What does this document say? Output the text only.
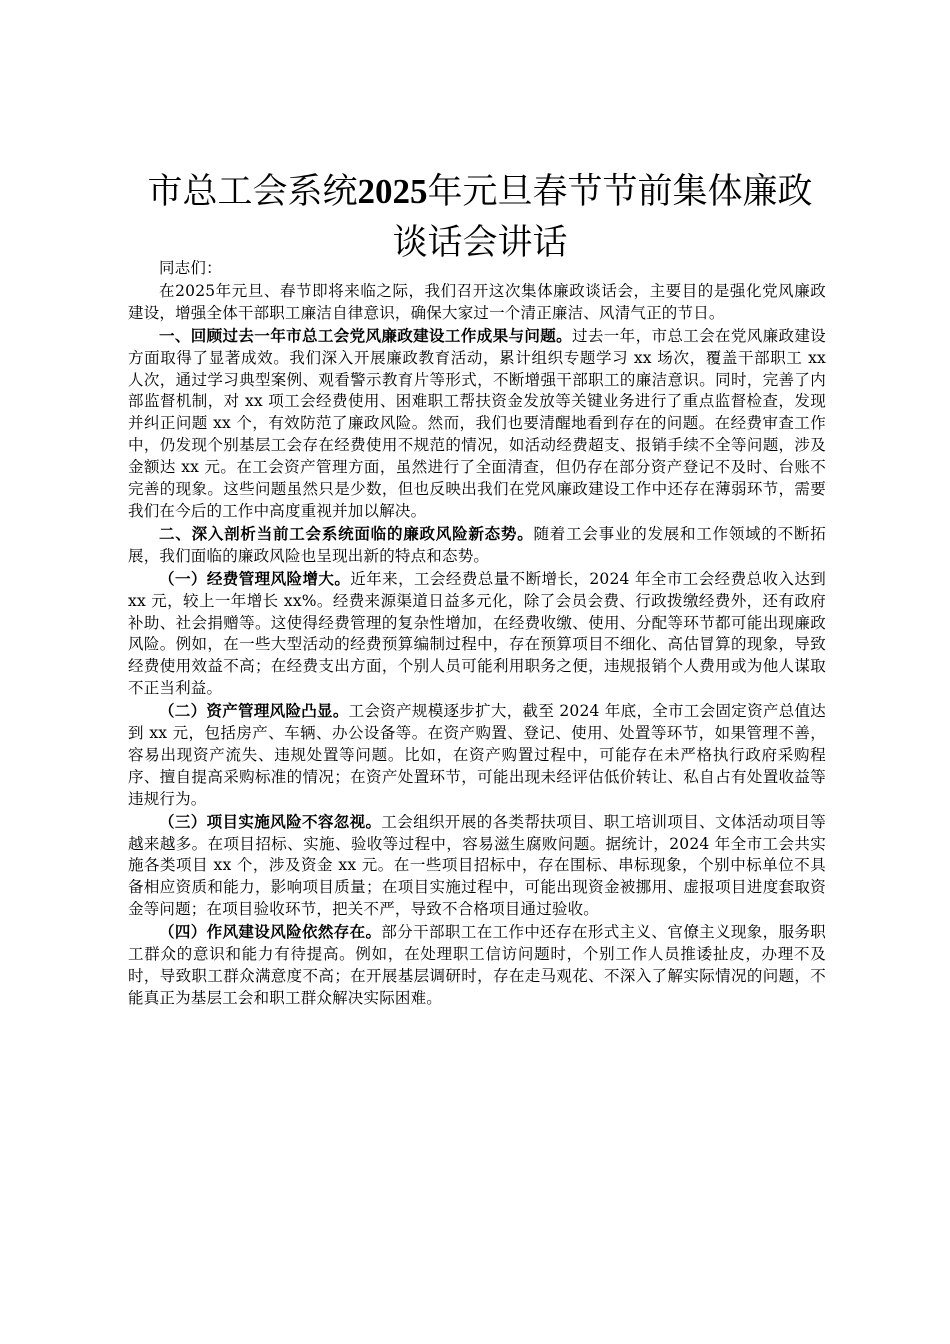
市总工会系统2025年元旦春节节前集体廉政
谈话会讲话

同志们：

在2025年元旦、春节即将来临之际，我们召开这次集体廉政谈话会，主要目的是强化党风廉政建设，增强全体干部职工廉洁自律意识，确保大家过一个清正廉洁、风清气正的节日。

一、回顾过去一年市总工会党风廉政建设工作成果与问题。过去一年，市总工会在党风廉政建设方面取得了显著成效。我们深入开展廉政教育活动，累计组织专题学习 xx 场次，覆盖干部职工 xx 人次，通过学习典型案例、观看警示教育片等形式，不断增强干部职工的廉洁意识。同时，完善了内部监督机制，对 xx 项工会经费使用、困难职工帮扶资金发放等关键业务进行了重点监督检查，发现并纠正问题 xx 个，有效防范了廉政风险。然而，我们也要清醒地看到存在的问题。在经费审查工作中，仍发现个别基层工会存在经费使用不规范的情况，如活动经费超支、报销手续不全等问题，涉及金额达 xx 元。在工会资产管理方面，虽然进行了全面清查，但仍存在部分资产登记不及时、台账不完善的现象。这些问题虽然只是少数，但也反映出我们在党风廉政建设工作中还存在薄弱环节，需要我们在今后的工作中高度重视并加以解决。

二、深入剖析当前工会系统面临的廉政风险新态势。随着工会事业的发展和工作领域的不断拓展，我们面临的廉政风险也呈现出新的特点和态势。

（一）经费管理风险增大。近年来，工会经费总量不断增长，2024 年全市工会经费总收入达到 xx 元，较上一年增长 xx%。经费来源渠道日益多元化，除了会员会费、行政拨缴经费外，还有政府补助、社会捐赠等。这使得经费管理的复杂性增加，在经费收缴、使用、分配等环节都可能出现廉政风险。例如，在一些大型活动的经费预算编制过程中，存在预算项目不细化、高估冒算的现象，导致经费使用效益不高；在经费支出方面，个别人员可能利用职务之便，违规报销个人费用或为他人谋取不正当利益。

（二）资产管理风险凸显。工会资产规模逐步扩大，截至 2024 年底，全市工会固定资产总值达到 xx 元，包括房产、车辆、办公设备等。在资产购置、登记、使用、处置等环节，如果管理不善，容易出现资产流失、违规处置等问题。比如，在资产购置过程中，可能存在未严格执行政府采购程序、擅自提高采购标准的情况；在资产处置环节，可能出现未经评估低价转让、私自占有处置收益等违规行为。

（三）项目实施风险不容忽视。工会组织开展的各类帮扶项目、职工培训项目、文体活动项目等越来越多。在项目招标、实施、验收等过程中，容易滋生腐败问题。据统计，2024 年全市工会共实施各类项目 xx 个，涉及资金 xx 元。在一些项目招标中，存在围标、串标现象，个别中标单位不具备相应资质和能力，影响项目质量；在项目实施过程中，可能出现资金被挪用、虚报项目进度套取资金等问题；在项目验收环节，把关不严，导致不合格项目通过验收。

（四）作风建设风险依然存在。部分干部职工在工作中还存在形式主义、官僚主义现象，服务职工群众的意识和能力有待提高。例如，在处理职工信访问题时，个别工作人员推诿扯皮，办理不及时，导致职工群众满意度不高；在开展基层调研时，存在走马观花、不深入了解实际情况的问题，不能真正为基层工会和职工群众解决实际困难。
